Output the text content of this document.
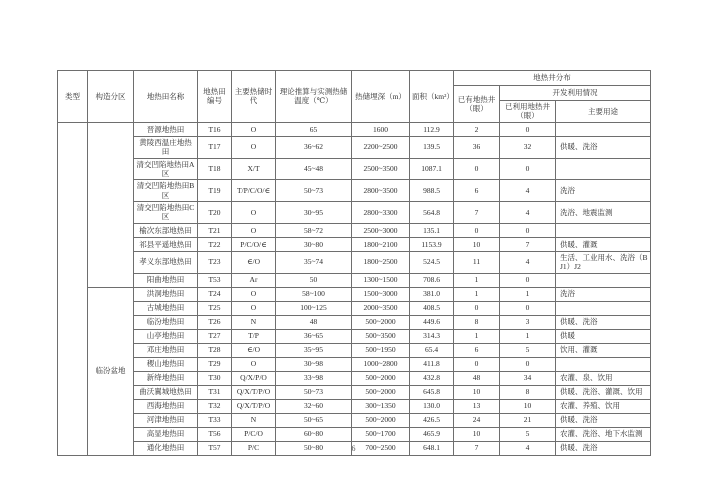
类型	构造分区	地热田名称	地热田编号	主要热储时代	理论推算与实测热储温度（℃）	热储埋深（m）	面积（km²）	地热井分布		
								已有地热井（眼）	开发利用情况	
									已利用地热井（眼）	主要用途
		晋源地热田	T16	O	65	1600	112.9	2	0	
		黄陵西温庄地热田	T17	O	36~62	2200~2500	139.5	36	32	供暖、洗浴
		清交凹陷地热田A区	T18	X/T	45~48	2500~3500	1087.1	0	0	
		清交凹陷地热田B区	T19	T/P/C/O/∈	50~73	2800~3500	988.5	6	4	洗浴
		清交凹陷地热田C区	T20	O	30~95	2800~3300	564.8	7	4	洗浴、地震监测
		榆次东部地热田	T21	O	58~72	2500~3000	135.1	0	0	
		祁县平遥地热田	T22	P/C/O/∈	30~80	1800~2100	1153.9	10	7	供暖、灌溉
		孝义东部地热田	T23	∈/O	35~74	1800~2500	524.5	11	4	生活、工业用水、洗浴（BJ1）J2
		阳曲地热田	T53	Ar	50	1300~1500	708.6	1	0	
	临汾盆地	洪洞地热田	T24	O	58~100	1500~3000	381.0	1	1	洗浴
		古城地热田	T25	O	100~125	2000~3500	408.5	0	0	
		临汾地热田	T26	N	48	500~2000	449.6	8	3	供暖、洗浴
		山亭地热田	T27	T/P	36~65	500~3500	314.3	1	1	供暖
		邓庄地热田	T28	∈/O	35~95	500~1950	65.4	6	5	饮用、灌溉
		稷山地热田	T29	O	30~98	1000~2800	411.8	0	0	
		新绛地热田	T30	Q/X/P/O	33~98	500~2000	432.8	48	34	农灌、泉、饮用
		曲沃翼城地热田	T31	Q/X/T/P/O	50~73	500~2000	645.8	10	8	供暖、洗浴、灌溉、饮用
		西海地热田	T32	Q/X/T/P/O	32~60	300~1350	130.0	13	10	农灌、养殖、饮用
		河津地热田	T33	N	50~65	500~2000	426.5	24	21	供暖、洗浴
		高显地热田	T56	P/C/O	60~80	500~1700	465.9	10	5	农灌、洗浴、地下水监测
		通化地热田	T57	P/C	50~80	700~2500	648.1	7	4	供暖、洗浴
6
